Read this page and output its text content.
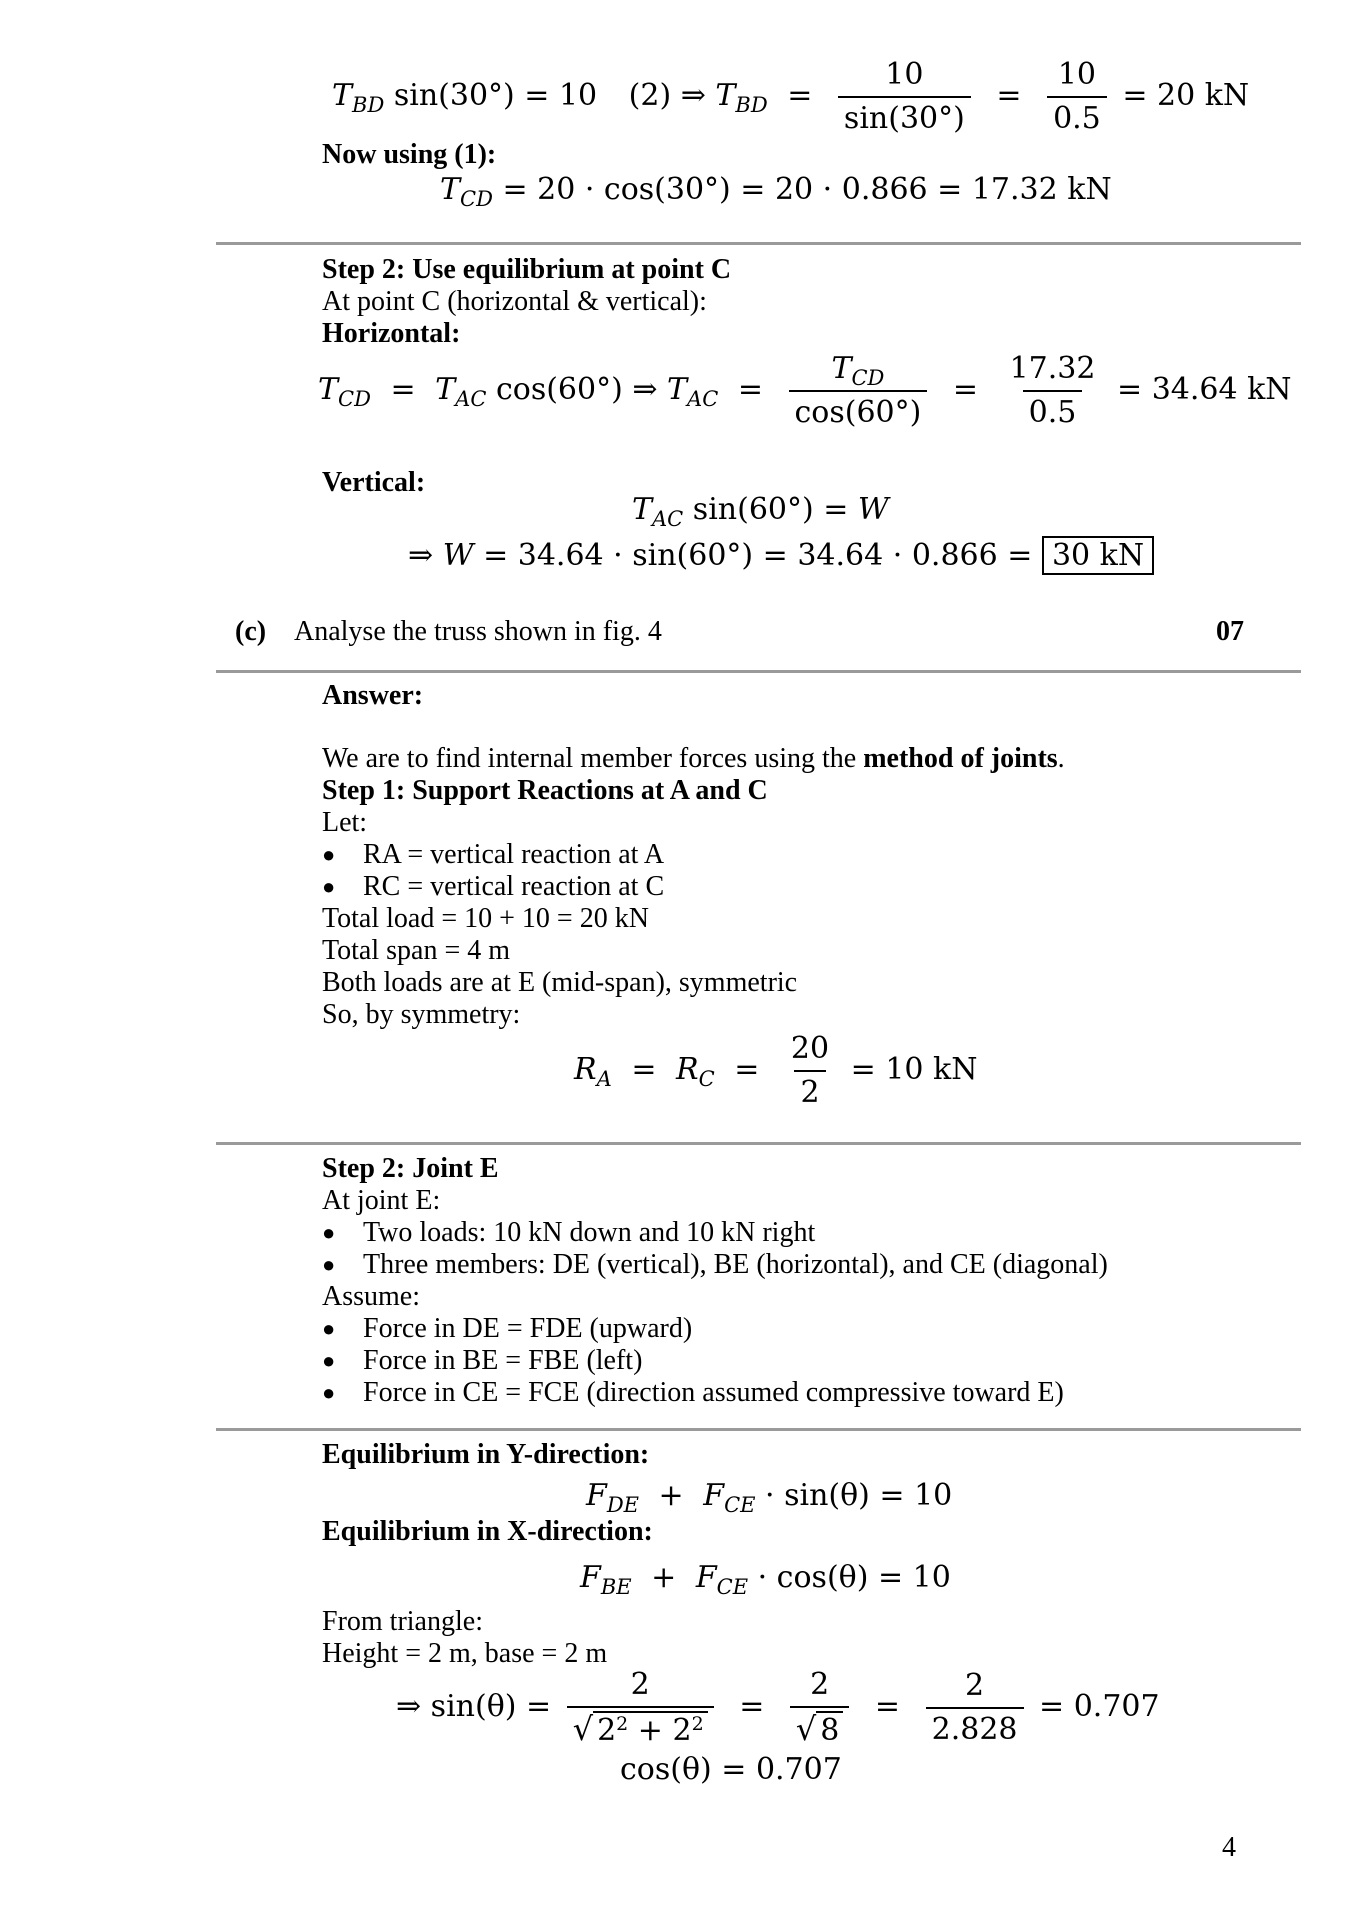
$T_{BD}$ sin(30°) = 10 (2) ⇒ $T_{BD} = \frac{10}{\sin(30^\circ)} = \frac{10}{0.5} = 20$ kN
Now using (1):
$T_{CD} = 20 \cdot \cos(30^\circ) = 20 \cdot 0.866 = 17.32$ kN
Step 2: Use equilibrium at point C
At point C (horizontal & vertical):
Horizontal:
$T_{CD} = T_{AC}$ cos(60°) ⇒ $T_{AC} = \frac{T_{CD}}{\cos(60^\circ)} = \frac{17.32}{0.5} = 34.64$ kN
Vertical:
$T_{AC}$ sin(60°) = W
⇒ W = 34.64 · sin(60°) = 34.64 · 0.866 = 30 kN
(c) Analyse the truss shown in fig. 4	07
Answer:
We are to find internal member forces using the method of joints.
Step 1: Support Reactions at A and C
Let:
● RA = vertical reaction at A
● RC = vertical reaction at C
Total load = 10 + 10 = 20 kN
Total span = 4 m
Both loads are at E (mid-span), symmetric
So, by symmetry:
$R_A = R_C = \frac{20}{2} = 10$ kN
Step 2: Joint E
At joint E:
● Two loads: 10 kN down and 10 kN right
● Three members: DE (vertical), BE (horizontal), and CE (diagonal)
Assume:
● Force in DE = FDE (upward)
● Force in BE = FBE (left)
● Force in CE = FCE (direction assumed compressive toward E)
Equilibrium in Y-direction:
$F_{DE} + F_{CE} \cdot \sin(\theta) = 10$
Equilibrium in X-direction:
$F_{BE} + F_{CE} \cdot \cos(\theta) = 10$
From triangle:
Height = 2 m, base = 2 m
⇒ $\sin(\theta) = \frac{2}{√ 2^2 + 2^2} = \frac{2}{√ 8} = \frac{2}{2.828} = 0.707$
cos(θ) = 0.707
4
